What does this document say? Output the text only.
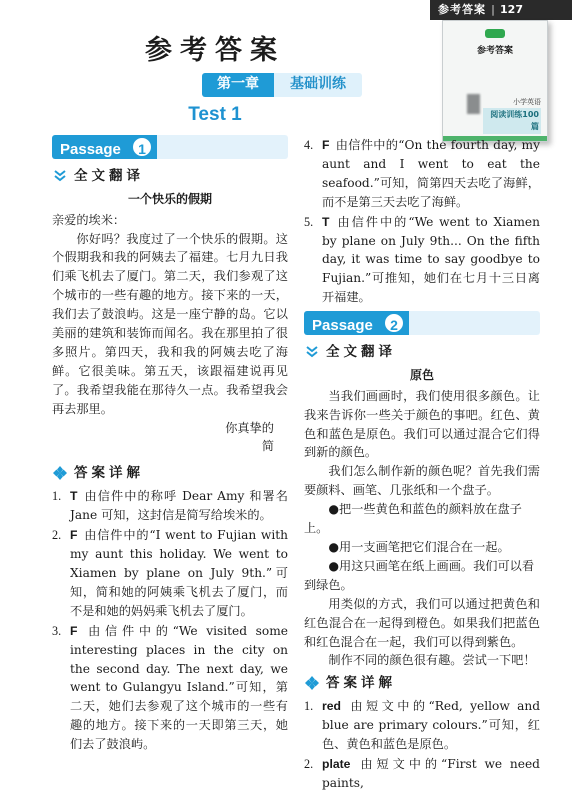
参考答案
第一章	基础训练
Test 1
参考答案 | 127
参考答案
小学英语
阅读训练100篇
Passage	1
全文翻译

一个快乐的假期

亲爱的埃米：

你好吗？我度过了一个快乐的假期。这个假期我和我的阿姨去了福建。七月九日我们乘飞机去了厦门。第二天，我们参观了这个城市的一些有趣的地方。接下来的一天，我们去了鼓浪屿。这是一座宁静的岛。它以美丽的建筑和装饰而闻名。我在那里拍了很多照片。第四天，我和我的阿姨去吃了海鲜。它很美味。第五天，该跟福建说再见了。我希望我能在那待久一点。我希望我会再去那里。

你真挚的

简

答案详解
1. T 由信件中的称呼 Dear Amy 和署名 Jane 可知，这封信是简写给埃米的。
2. F 由信件中的“I went to Fujian with my aunt this holiday. We went to Xiamen by plane on July 9th.”可知，简和她的阿姨乘飞机去了厦门，而不是和她的妈妈乘飞机去了厦门。
3. F 由信件中的“We visited some interesting places in the city on the second day. The next day, we went to Gulangyu Island.”可知，第二天，她们去参观了这个城市的一些有趣的地方。接下来的一天即第三天，她们去了鼓浪屿。
4. F 由信件中的“On the fourth day, my aunt and I went to eat the seafood.”可知，简第四天去吃了海鲜，而不是第三天去吃了海鲜。
5. T 由信件中的“We went to Xiamen by plane on July 9th... On the fifth day, it was time to say goodbye to Fujian.”可推知，她们在七月十三日离开福建。
Passage	2
全文翻译

原色

当我们画画时，我们使用很多颜色。让我来告诉你一些关于颜色的事吧。红色、黄色和蓝色是原色。我们可以通过混合它们得到新的颜色。

我们怎么制作新的颜色呢？首先我们需要颜料、画笔、几张纸和一个盘子。

●把一些黄色和蓝色的颜料放在盘子上。

●用一支画笔把它们混合在一起。

●用这只画笔在纸上画画。我们可以看到绿色。

用类似的方式，我们可以通过把黄色和红色混合在一起得到橙色。如果我们把蓝色和红色混合在一起，我们可以得到紫色。

制作不同的颜色很有趣。尝试一下吧！

答案详解
1. red 由短文中的“Red, yellow and blue are primary colours.”可知，红色、黄色和蓝色是原色。
2. plate 由短文中的“First we need paints,
